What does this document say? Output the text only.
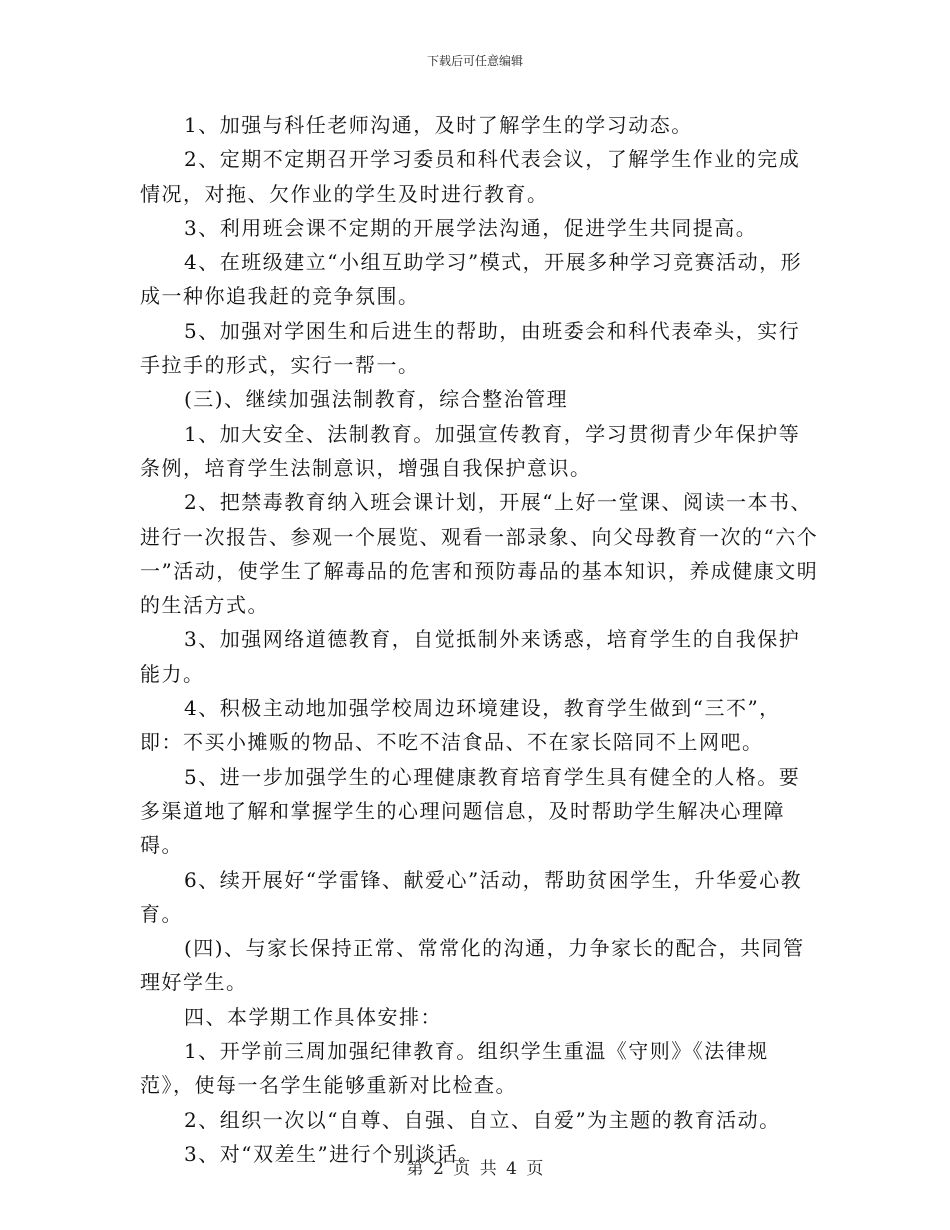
下载后可任意编辑

1、加强与科任老师沟通，及时了解学生的学习动态。

2、定期不定期召开学习委员和科代表会议，了解学生作业的完成情况，对拖、欠作业的学生及时进行教育。

3、利用班会课不定期的开展学法沟通，促进学生共同提高。

4、在班级建立“小组互助学习”模式，开展多种学习竞赛活动，形成一种你追我赶的竞争氛围。

5、加强对学困生和后进生的帮助，由班委会和科代表牵头，实行手拉手的形式，实行一帮一。

(三)、继续加强法制教育，综合整治管理

1、加大安全、法制教育。加强宣传教育，学习贯彻青少年保护等条例，培育学生法制意识，增强自我保护意识。

2、把禁毒教育纳入班会课计划，开展“上好一堂课、阅读一本书、进行一次报告、参观一个展览、观看一部录象、向父母教育一次的“六个一”活动，使学生了解毒品的危害和预防毒品的基本知识，养成健康文明的生活方式。

3、加强网络道德教育，自觉抵制外来诱惑，培育学生的自我保护能力。

4、积极主动地加强学校周边环境建设，教育学生做到“三不”，即：不买小摊贩的物品、不吃不洁食品、不在家长陪同不上网吧。

5、进一步加强学生的心理健康教育培育学生具有健全的人格。要多渠道地了解和掌握学生的心理问题信息，及时帮助学生解决心理障碍。

6、续开展好“学雷锋、献爱心”活动，帮助贫困学生，升华爱心教育。

(四)、与家长保持正常、常常化的沟通，力争家长的配合，共同管理好学生。

四、本学期工作具体安排：

1、开学前三周加强纪律教育。组织学生重温《守则》《法律规范》，使每一名学生能够重新对比检查。

2、组织一次以“自尊、自强、自立、自爱”为主题的教育活动。

3、对“双差生”进行个别谈话。

第 2 页 共 4 页
